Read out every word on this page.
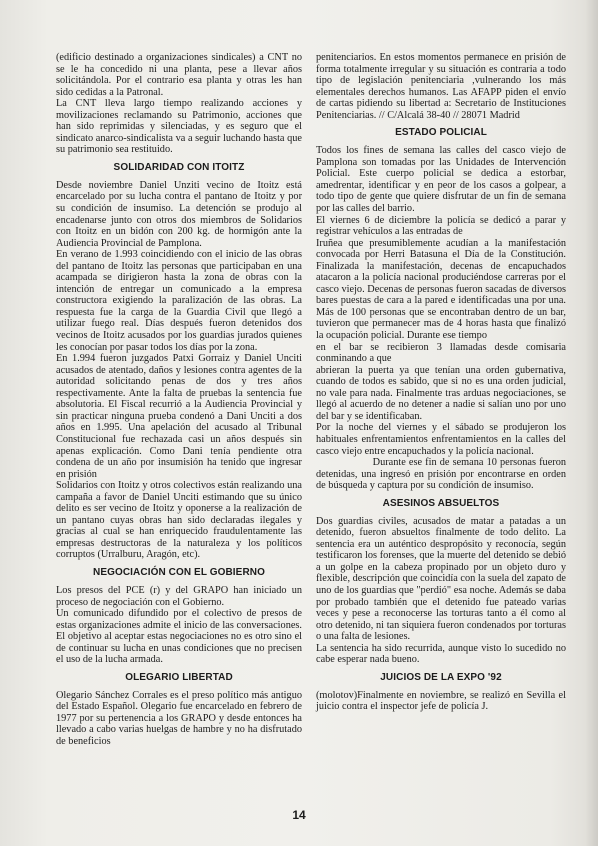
(edificio destinado a organizaciones sindicales) a CNT no se le ha concedido ni una planta, pese a llevar años solicitándola. Por el contrario esa planta y otras les han sido cedidas a la Patronal.

La CNT lleva largo tiempo realizando acciones y movilizaciones reclamando su Patrimonio, acciones que han sido reprimidas y silenciadas, y es seguro que el sindicato anarco-sindicalista va a seguir luchando hasta que su patrimonio sea restituido.

SOLIDARIDAD CON ITOITZ

Desde noviembre Daniel Unziti vecino de Itoitz está encarcelado por su lucha contra el pantano de Itoitz y por su condición de insumiso. La detención se produjo al encadenarse junto con otros dos miembros de Solidarios con Itoitz en un bidón con 200 kg. de hormigón ante la Audiencia Provincial de Pamplona.

En verano de 1.993 coincidiendo con el inicio de las obras del pantano de Itoitz las personas que participaban en una acampada se dirigieron hasta la zona de obras con la intención de entregar un comunicado a la empresa constructora exigiendo la paralización de las obras. La respuesta fue la carga de la Guardia Civil que llegó a utilizar fuego real. Días después fueron detenidos dos vecinos de Itoitz acusados por los guardias jurados quienes les conocían por pasar todos los días por la zona.

En 1.994 fueron juzgados Patxi Gorraiz y Daniel Unciti acusados de atentado, daños y lesiones contra agentes de la autoridad solicitando penas de dos y tres años respectivamente. Ante la falta de pruebas la sentencia fue absolutoria. El Fiscal recurrió a la Audiencia Provincial y sin practicar ninguna prueba condenó a Dani Unciti a dos años en 1.995. Una apelación del acusado al Tribunal Constitucional fue rechazada casi un años después sin apenas explicación. Como Dani tenía pendiente otra condena de un año por insumisión ha tenido que ingresar en prisión

Solidarios con Itoitz y otros colectivos están realizando una campaña a favor de Daniel Unciti estimando que su único delito es ser vecino de Itoitz y oponerse a la realización de un pantano cuyas obras han sido declaradas ilegales y gracias al cual se han enriquecido fraudulentamente las empresas destructoras de la naturaleza y los políticos corruptos (Urralburu, Aragón, etc).

NEGOCIACIÓN CON EL GOBIERNO

Los presos del PCE (r) y del GRAPO han iniciado un proceso de negociación con el Gobierno.

Un comunicado difundido por el colectivo de presos de estas organizaciones admite el inicio de las conversaciones. El objetivo al aceptar estas negociaciones no es otro sino el de continuar su lucha en unas condiciones que no precisen el uso de la lucha armada.

OLEGARIO LIBERTAD

Olegario Sánchez Corrales es el preso político más antiguo del Estado Español. Olegario fue encarcelado en febrero de 1977 por su pertenencia a los GRAPO y desde entonces ha llevado a cabo varias huelgas de hambre y no ha disfrutado de beneficios

penitenciarios. En estos momentos permanece en prisión de forma totalmente irregular y su situación es contraria a todo tipo de legislación penitenciaria ,vulnerando los más elementales derechos humanos. Las AFAPP piden el envío de cartas pidiendo su libertad a: Secretario de Instituciones Penitenciarias. // C/Alcalá 38-40 // 28071 Madrid

ESTADO POLICIAL

Todos los fines de semana las calles del casco viejo de Pamplona son tomadas por las Unidades de Intervención Policial. Este cuerpo policial se dedica a estorbar, amedrentar, identificar y en peor de los casos a golpear, a todo tipo de gente que quiere disfrutar de un fin de semana por las calles del barrio.

El viernes 6 de diciembre la policía se dedicó a parar y registrar vehículos a las entradas de

Iruñea que presumiblemente acudían a la manifestación convocada por Herri Batasuna el Día de la Constitución. Finalizada la manifestación, decenas de encapuchados atacaron a la policía nacional produciéndose carreras por el casco viejo. Decenas de personas fueron sacadas de diversos bares puestas de cara a la pared e identificadas una por una. Más de 100 personas que se encontraban dentro de un bar, tuvieron que permanecer mas de 4 horas hasta que finalizó la ocupación policial. Durante ese tiempo

en el bar se recibieron 3 llamadas desde comisaria conminando a que

abrieran la puerta ya que tenían una orden gubernativa, cuando de todos es sabido, que si no es una orden judicial, no vale para nada. Finalmente tras arduas negociaciones, se llegó al acuerdo de no detener a nadie si salían uno por uno del bar y se identificaban.

Por la noche del viernes y el sábado se produjeron los habituales enfrentamientos enfrentamientos en la calles del casco viejo entre encapuchados y la policía nacional.

Durante ese fin de semana 10 personas fueron detenidas, una ingresó en prisión por encontrarse en orden de búsqueda y captura por su condición de insumiso.

ASESINOS ABSUELTOS

Dos guardias civiles, acusados de matar a patadas a un detenido, fueron absueltos finalmente de todo delito. La sentencia era un auténtico despropósito y reconocía, según testificaron los forenses, que la muerte del detenido se debió a un golpe en la cabeza propinado por un objeto duro y flexible, descripción que coincidía con la suela del zapato de uno de los guardias que "perdió" esa noche. Además se daba por probado también que el detenido fue pateado varias veces y pese a reconocerse las torturas tanto a él como al otro detenido, ni tan siquiera fueron condenados por torturas o una falta de lesiones.

La sentencia ha sido recurrida, aunque visto lo sucedido no cabe esperar nada bueno.

JUICIOS DE LA EXPO '92

(molotov)Finalmente en noviembre, se realizó en Sevilla el juicio contra el inspector jefe de policía J.

14
